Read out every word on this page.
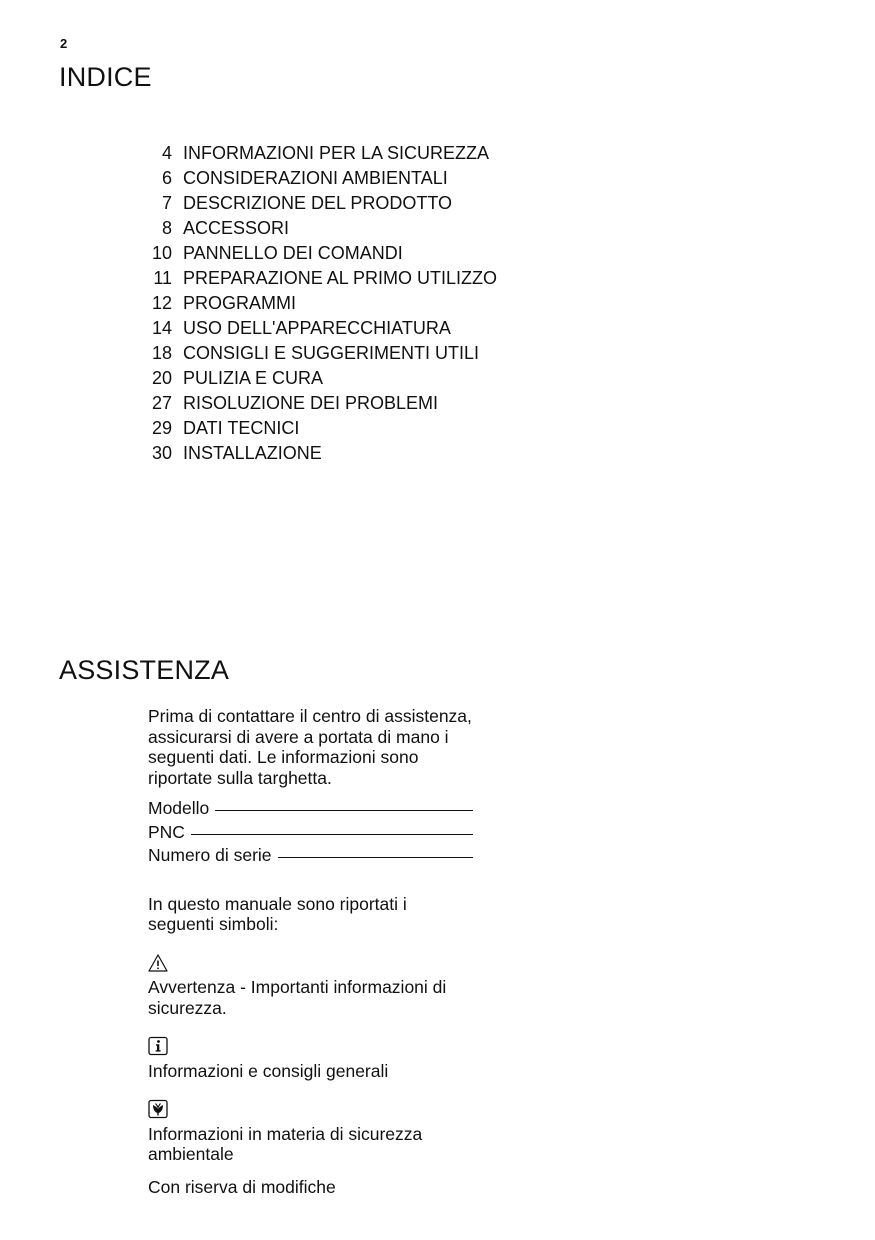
2
INDICE
4 INFORMAZIONI PER LA SICUREZZA
6 CONSIDERAZIONI AMBIENTALI
7 DESCRIZIONE DEL PRODOTTO
8 ACCESSORI
10 PANNELLO DEI COMANDI
11 PREPARAZIONE AL PRIMO UTILIZZO
12 PROGRAMMI
14 USO DELL'APPARECCHIATURA
18 CONSIGLI E SUGGERIMENTI UTILI
20 PULIZIA E CURA
27 RISOLUZIONE DEI PROBLEMI
29 DATI TECNICI
30 INSTALLAZIONE
ASSISTENZA

Prima di contattare il centro di assistenza, assicurarsi di avere a portata di mano i seguenti dati. Le informazioni sono riportate sulla targhetta.

Modello
PNC
Numero di serie

In questo manuale sono riportati i seguenti simboli:

Avvertenza - Importanti informazioni di sicurezza.

Informazioni e consigli generali

Informazioni in materia di sicurezza ambientale

Con riserva di modifiche
